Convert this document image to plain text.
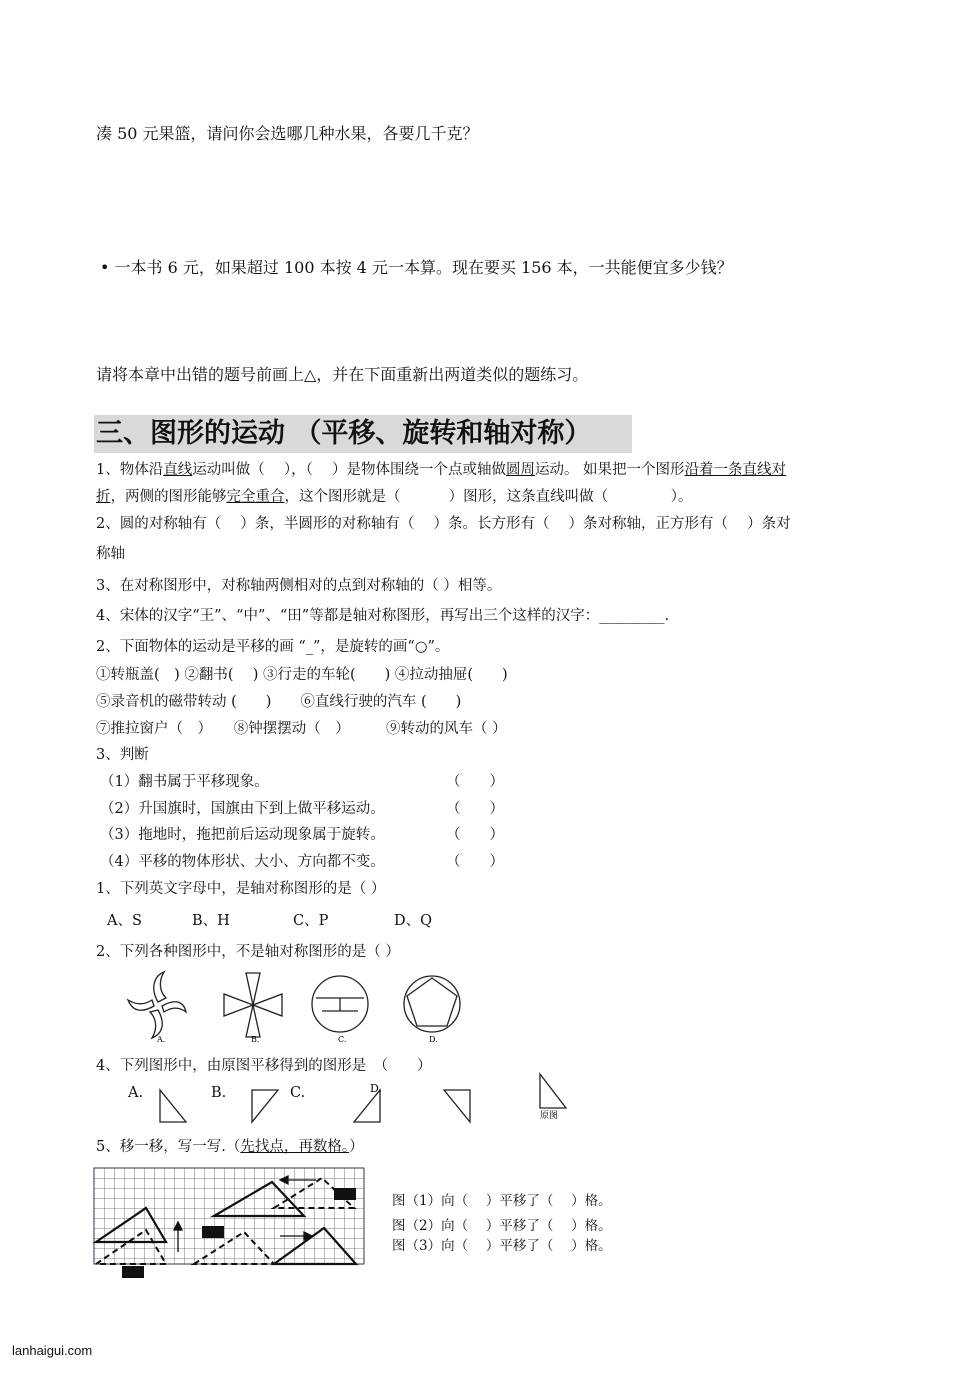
凑 50 元果篮，请问你会选哪几种水果，各要几千克？
• 一本书 6 元，如果超过 100 本按 4 元一本算。现在要买 156 本，一共能便宜多少钱？
请将本章中出错的题号前画上△，并在下面重新出两道类似的题练习。
三、图形的运动 （平移、旋转和轴对称）
1、物体沿直线运动叫做（　 ），（　 ）是物体围绕一个点或轴做圆周运动。 如果把一个图形沿着一条直线对
折，两侧的图形能够完全重合，这个图形就是（　　　 ）图形，这条直线叫做（　　　　 ）。
2、圆的对称轴有（　 ）条，半圆形的对称轴有（　 ）条。长方形有（　 ）条对称轴，正方形有（　 ）条对
称轴
3、在对称图形中，对称轴两侧相对的点到对称轴的（ ）相等。
4、宋体的汉字“王”、“中”、“田”等都是轴对称图形，再写出三个这样的汉字：_________.
2、下面物体的运动是平移的画 “_”，是旋转的画“○”。
①转瓶盖(　) ②翻书(　 ) ③行走的车轮(　　) ④拉动抽屉(　　)
⑤录音机的磁带转动 (　　)　　⑥直线行驶的汽车 (　　)
⑦推拉窗户（　）　　⑧钟摆摆动（　）　　　⑨转动的风车（ ）
3、判断
（1）翻书属于平移现象。	（　　）
（2）升国旗时，国旗由下到上做平移运动。	（　　）
（3）拖地时，拖把前后运动现象属于旋转。	（　　）
（4）平移的物体形状、大小、方向都不变。	（　　）
1、下列英文字母中，是轴对称图形的是（ ）
A、S	B、H	C、P	D、Q
2、下列各种图形中，不是轴对称图形的是（ ）
A.	B.	C.	D.
4、下列图形中，由原图平移得到的图形是　（　　）
A.	B.	C.	D.
原图
5、移一移，写一写.（先找点，再数格。）
图（1）向（　 ）平移了（　 ）格。
图（2）向（　 ）平移了（　 ）格。
图（3）向（　 ）平移了（　 ）格。
lanhaigui.com
